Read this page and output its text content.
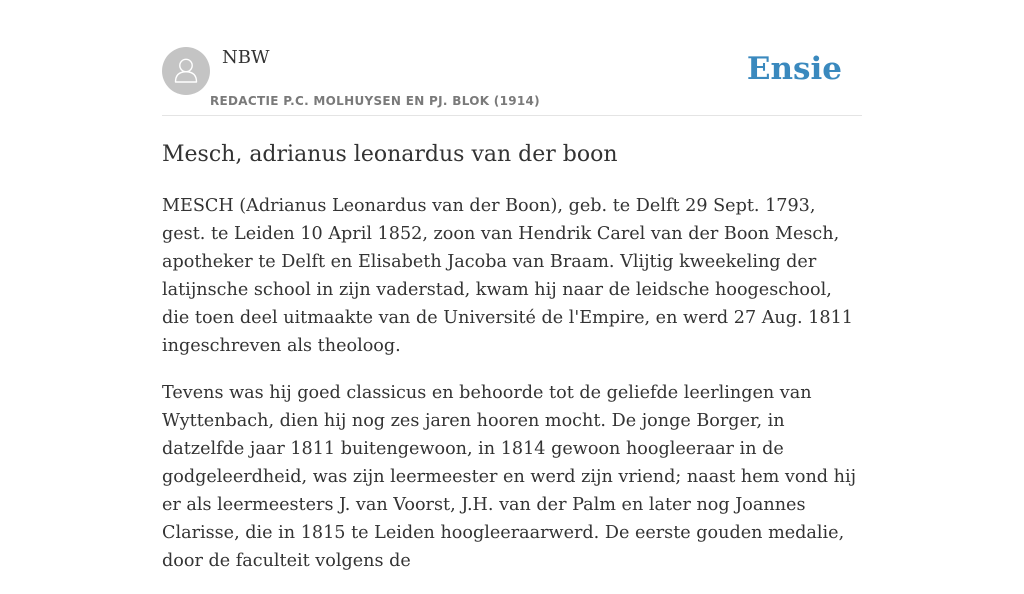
NBW
REDACTIE P.C. MOLHUYSEN EN PJ. BLOK (1914)
Ensie
Mesch, adrianus leonardus van der boon

MESCH (Adrianus Leonardus van der Boon), geb. te Delft 29 Sept. 1793, gest. te Leiden 10 April 1852, zoon van Hendrik Carel van der Boon Mesch, apotheker te Delft en Elisabeth Jacoba van Braam. Vlijtig kweekeling der latijnsche school in zijn vaderstad, kwam hij naar de leidsche hoogeschool, die toen deel uitmaakte van de Université de l'Empire, en werd 27 Aug. 1811 ingeschreven als theoloog.

Tevens was hij goed classicus en behoorde tot de geliefde leerlingen van Wyttenbach, dien hij nog zes jaren hooren mocht. De jonge Borger, in datzelfde jaar 1811 buitengewoon, in 1814 gewoon hoogleeraar in de godgeleerdheid, was zijn leermeester en werd zijn vriend; naast hem vond hij er als leermeesters J. van Voorst, J.H. van der Palm en later nog Joannes Clarisse, die in 1815 te Leiden hoogleeraarwerd. De eerste gouden medalie, door de faculteit volgens de
